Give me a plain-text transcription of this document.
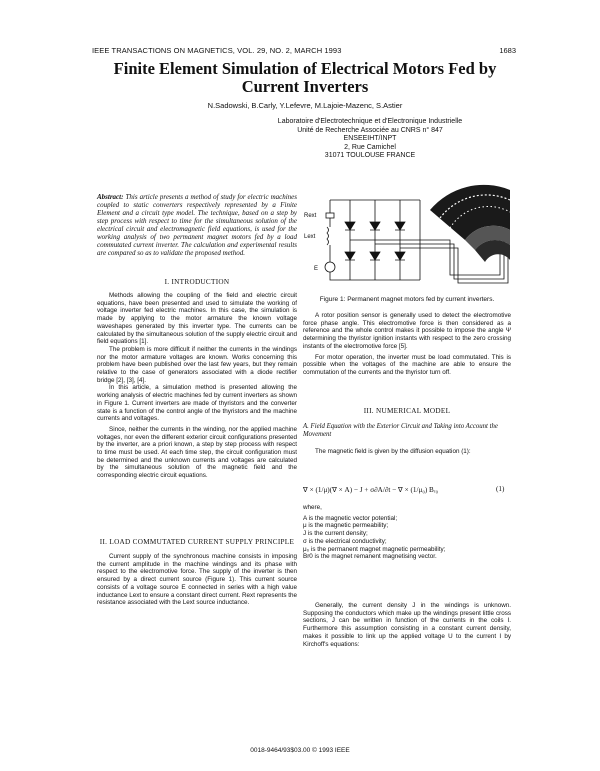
IEEE TRANSACTIONS ON MAGNETICS, VOL. 29, NO. 2, MARCH 1993	1683
Finite Element Simulation of Electrical Motors Fed by Current Inverters
N.Sadowski, B.Carly, Y.Lefevre, M.Lajoie-Mazenc, S.Astier
Laboratoire d'Electrotechnique et d'Electronique Industrielle
Unité de Recherche Associée au CNRS n° 847
ENSEEIHT/INPT
2, Rue Camichel
31071 TOULOUSE FRANCE
Abstract: This article presents a method of study for electric machines coupled to static converters respectively represented by a Finite Element and a circuit type model. The technique, based on a step by step process with respect to time for the simultaneous solution of the electrical circuit and electromagnetic field equations, is used for the working analysis of two permanent magnet motors fed by a load commutated current inverter. The calculation and experimental results are compared so as to validate the proposed method.
I. INTRODUCTION

Methods allowing the coupling of the field and electric circuit equations, have been presented and used to simulate the working of voltage inverter fed electric machines. In this case, the simulation is made by applying to the motor armature the known voltage waveshapes generated by this inverter type. The currents can be calculated by the simultaneous solution of the supply electric circuit and field equations [1].

The problem is more difficult if neither the currents in the windings nor the motor armature voltages are known. Works concerning this problem have been published over the last few years, but they remain relative to the case of generators associated with a diode rectifier bridge [2], [3], [4].

In this article, a simulation method is presented allowing the working analysis of electric machines fed by current inverters as shown in Figure 1. Current inverters are made of thyristors and the converter state is a function of the control angle of the thyristors and the machine currents and voltages.

Since, neither the currents in the winding, nor the applied machine voltages, nor even the different exterior circuit configurations presented by the inverter, are a priori known, a step by step process with respect to time must be used. At each time step, the circuit configuration must be determined and the unknown currents and voltages are calculated by the simultaneous solution of the magnetic field and the corresponding electric circuit equations.

II. LOAD COMMUTATED CURRENT SUPPLY PRINCIPLE

Current supply of the synchronous machine consists in imposing the current amplitude in the machine windings and its phase with respect to the electromotive force. The supply of the inverter is then ensured by a direct current source (Figure 1). This current source consists of a voltage source E connected in series with a high value inductance Lext to ensure a constant direct current. Rext represents the resistance associated with the Lext source inductance.

Rext
Lext
E
Figure 1: Permanent magnet motors fed by current inverters.

A rotor position sensor is generally used to detect the electromotive force phase angle. This electromotive force is then considered as a reference and the whole control makes it possible to impose the angle Ψ determining the thyristor ignition instants with respect to the zero crossing instants of the electromotive force [5].

For motor operation, the inverter must be load commutated. This is possible when the voltages of the machine are able to ensure the commutation of the currents and the thyristor turn off.

III. NUMERICAL MODEL
A. Field Equation with the Exterior Circuit and Taking into Account the Movement

The magnetic field is given by the diffusion equation (1):

∇ × (1/μ)(∇ × A) − J + σ∂A/∂t − ∇ × (1/μ₀) Bᵣ₀	(1)
where,
A is the magnetic vector potential;
μ is the magnetic permeability;
J is the current density;
σ is the electrical conductivity;
μ₀ is the permanent magnet magnetic permeability;
Br0 is the magnet remanent magnetising vector.

Generally, the current density J in the windings is unknown. Supposing the conductors which make up the windings present little cross sections, J can be written in function of the currents in the coils I. Furthermore this assumption consisting in a constant current density, makes it possible to link up the applied voltage U to the current I by Kirchoff's equations:

0018-9464/93$03.00 © 1993 IEEE
